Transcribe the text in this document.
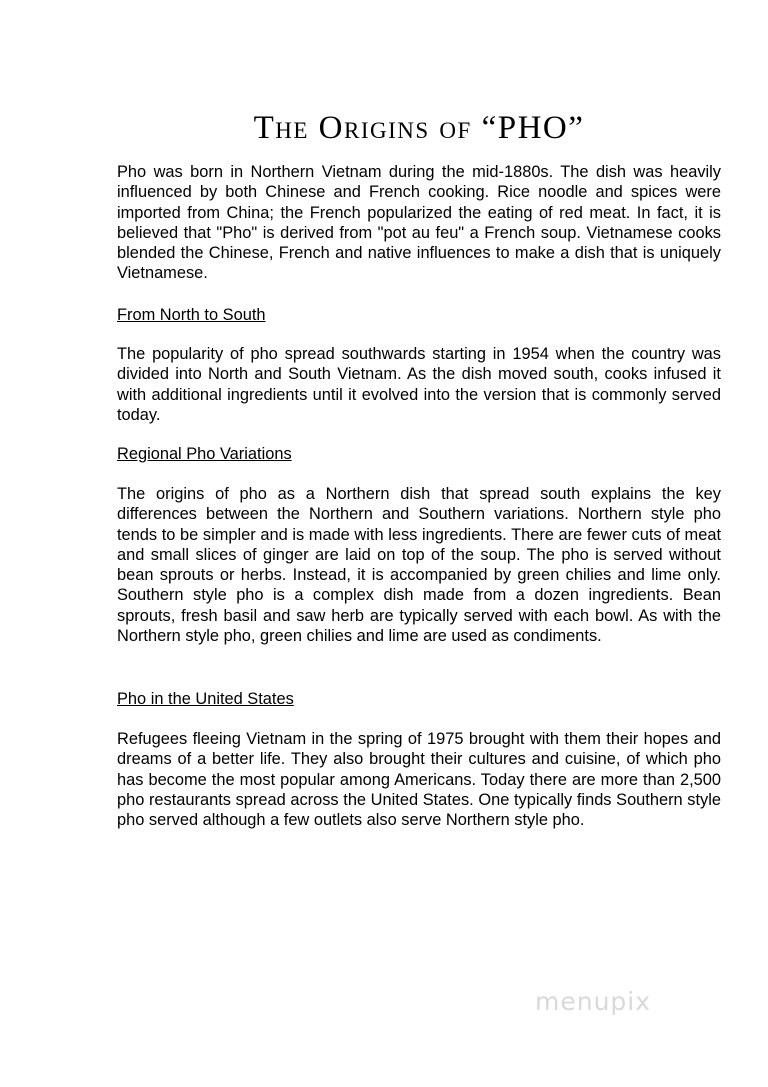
The Origins of “PHO”

Pho was born in Northern Vietnam during the mid-1880s. The dish was heavily influenced by both Chinese and French cooking. Rice noodle and spices were imported from China; the French popularized the eating of red meat. In fact, it is believed that "Pho" is derived from "pot au feu" a French soup. Vietnamese cooks blended the Chinese, French and native influences to make a dish that is uniquely Vietnamese.

From North to South

The popularity of pho spread southwards starting in 1954 when the country was divided into North and South Vietnam. As the dish moved south, cooks infused it with additional ingredients until it evolved into the version that is commonly served today.

Regional Pho Variations

The origins of pho as a Northern dish that spread south explains the key differences between the Northern and Southern variations. Northern style pho tends to be simpler and is made with less ingredients. There are fewer cuts of meat and small slices of ginger are laid on top of the soup. The pho is served without bean sprouts or herbs. Instead, it is accompanied by green chilies and lime only. Southern style pho is a complex dish made from a dozen ingredients. Bean sprouts, fresh basil and saw herb are typically served with each bowl. As with the Northern style pho, green chilies and lime are used as condiments.

Pho in the United States

Refugees fleeing Vietnam in the spring of 1975 brought with them their hopes and dreams of a better life. They also brought their cultures and cuisine, of which pho has become the most popular among Americans. Today there are more than 2,500 pho restaurants spread across the United States. One typically finds Southern style pho served although a few outlets also serve Northern style pho.

menupix
